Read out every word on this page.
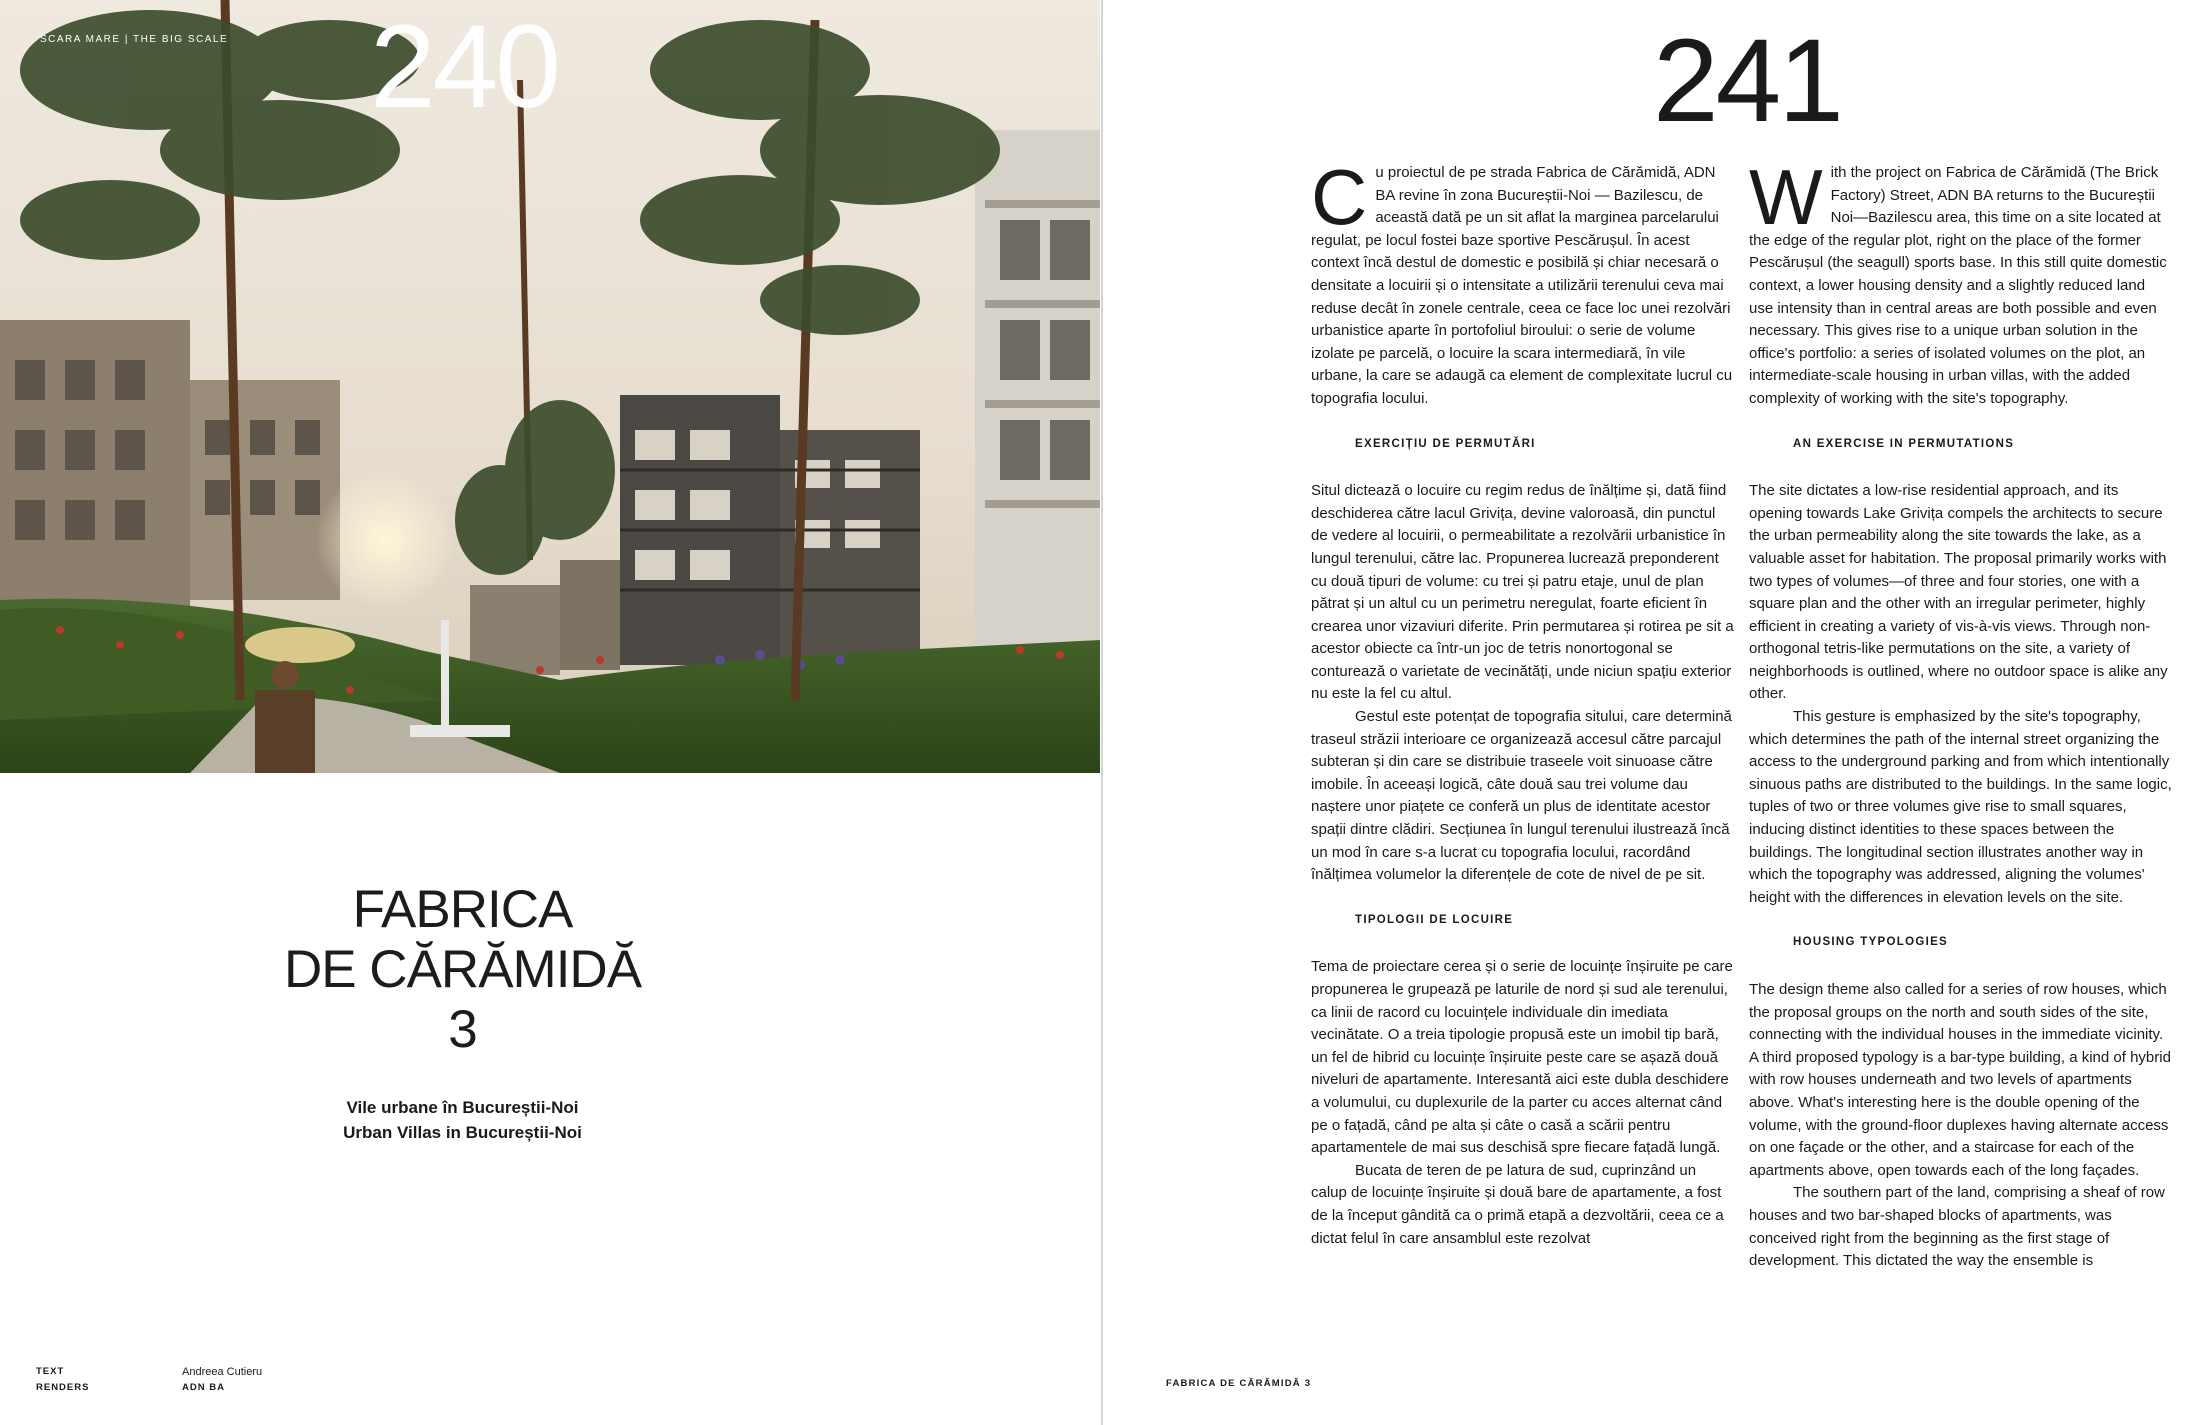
SCARA MARE | THE BIG SCALE 240
FABRICA
DE CĂRĂMIDĂ
3
Vile urbane în Bucureștii-Noi
Urban Villas in Bucureștii-Noi
TEXT
RENDERS
Andreea Cutieru
ADN BA
241

Cu proiectul de pe strada Fabrica de Cărămidă, ADN BA revine în zona Bucureștii-Noi — Bazilescu, de această dată pe un sit aflat la marginea parcelarului regulat, pe locul fostei baze sportive Pescărușul. În acest context încă destul de domestic e posibilă și chiar necesară o densitate a locuirii și o intensitate a utilizării terenului ceva mai reduse decât în zonele centrale, ceea ce face loc unei rezolvări urbanistice aparte în portofoliul biroului: o serie de volume izolate pe parcelă, o locuire la scara intermediară, în vile urbane, la care se adaugă ca element de complexitate lucrul cu topografia locului.

EXERCIȚIU DE PERMUTĂRI

Situl dictează o locuire cu regim redus de înălțime și, dată fiind deschiderea către lacul Grivița, devine valoroasă, din punctul de vedere al locuirii, o permeabilitate a rezolvării urbanistice în lungul terenului, către lac. Propunerea lucrează preponderent cu două tipuri de volume: cu trei și patru etaje, unul de plan pătrat și un altul cu un perimetru neregulat, foarte eficient în crearea unor vizaviuri diferite. Prin permutarea și rotirea pe sit a acestor obiecte ca într-un joc de tetris nonortogonal se conturează o varietate de vecinătăți, unde niciun spațiu exterior nu este la fel cu altul.

Gestul este potențat de topografia sitului, care determină traseul străzii interioare ce organizează accesul către parcajul subteran și din care se distribuie traseele voit sinuoase către imobile. În aceeași logică, câte două sau trei volume dau naștere unor piațete ce conferă un plus de identitate acestor spații dintre clădiri. Secțiunea în lungul terenului ilustrează încă un mod în care s-a lucrat cu topografia locului, racordând înălțimea volumelor la diferențele de cote de nivel de pe sit.

TIPOLOGII DE LOCUIRE

Tema de proiectare cerea și o serie de locuințe înșiruite pe care propunerea le grupează pe laturile de nord și sud ale terenului, ca linii de racord cu locuințele individuale din imediata vecinătate. O a treia tipologie propusă este un imobil tip bară, un fel de hibrid cu locuințe înșiruite peste care se așază două niveluri de apartamente. Interesantă aici este dubla deschidere a volumului, cu duplexurile de la parter cu acces alternat când pe o fațadă, când pe alta și câte o casă a scării pentru apartamentele de mai sus deschisă spre fiecare fațadă lungă.

Bucata de teren de pe latura de sud, cuprinzând un calup de locuințe înșiruite și două bare de apartamente, a fost de la început gândită ca o primă etapă a dezvoltării, ceea ce a dictat felul în care ansamblul este rezolvat

With the project on Fabrica de Cărămidă (The Brick Factory) Street, ADN BA returns to the Bucureștii Noi—Bazilescu area, this time on a site located at the edge of the regular plot, right on the place of the former Pescărușul (the seagull) sports base. In this still quite domestic context, a lower housing density and a slightly reduced land use intensity than in central areas are both possible and even necessary. This gives rise to a unique urban solution in the office's portfolio: a series of isolated volumes on the plot, an intermediate-scale housing in urban villas, with the added complexity of working with the site's topography.

AN EXERCISE IN PERMUTATIONS

The site dictates a low-rise residential approach, and its opening towards Lake Grivița compels the architects to secure the urban permeability along the site towards the lake, as a valuable asset for habitation. The proposal primarily works with two types of volumes—of three and four stories, one with a square plan and the other with an irregular perimeter, highly efficient in creating a variety of vis-à-vis views. Through non-orthogonal tetris-like permutations on the site, a variety of neighborhoods is outlined, where no outdoor space is alike any other.

This gesture is emphasized by the site's topography, which determines the path of the internal street organizing the access to the underground parking and from which intentionally sinuous paths are distributed to the buildings. In the same logic, tuples of two or three volumes give rise to small squares, inducing distinct identities to these spaces between the buildings. The longitudinal section illustrates another way in which the topography was addressed, aligning the volumes' height with the differences in elevation levels on the site.

HOUSING TYPOLOGIES

The design theme also called for a series of row houses, which the proposal groups on the north and south sides of the site, connecting with the individual houses in the immediate vicinity. A third proposed typology is a bar-type building, a kind of hybrid with row houses underneath and two levels of apartments above. What's interesting here is the double opening of the volume, with the ground-floor duplexes having alternate access on one façade or the other, and a staircase for each of the apartments above, open towards each of the long façades.

The southern part of the land, comprising a sheaf of row houses and two bar-shaped blocks of apartments, was conceived right from the beginning as the first stage of development. This dictated the way the ensemble is

FABRICA DE CĂRĂMIDĂ 3
